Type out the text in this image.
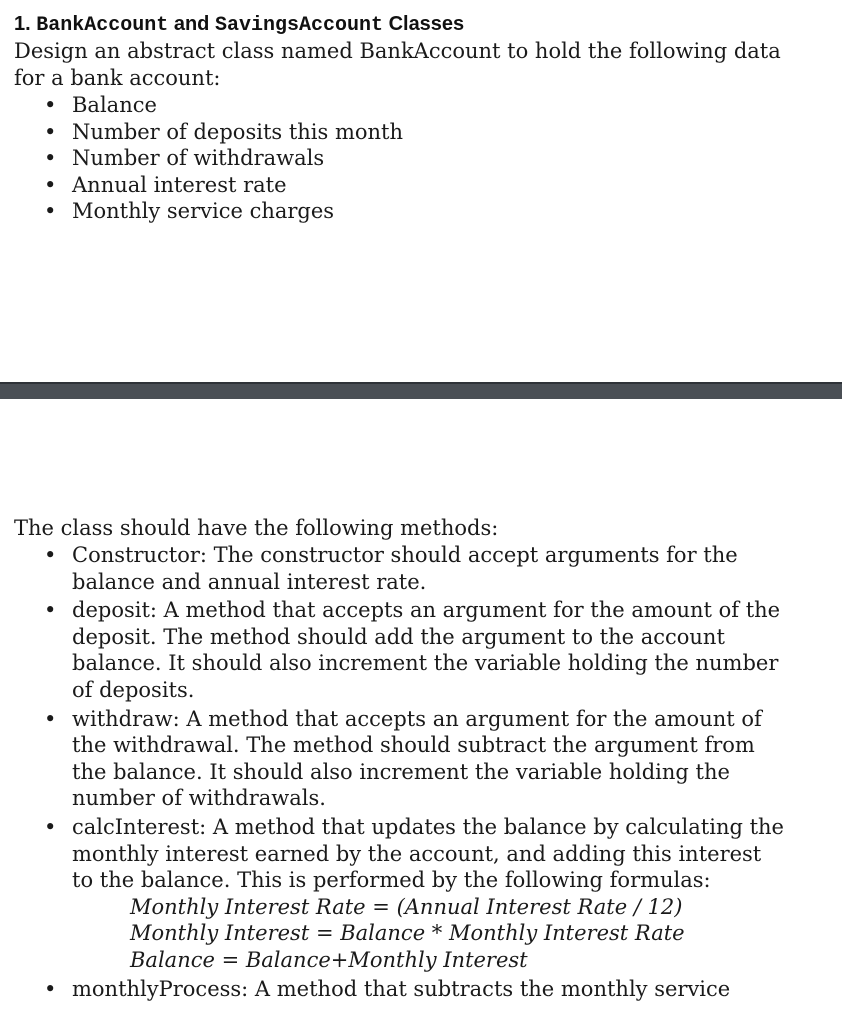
1. BankAccount and SavingsAccount Classes

Design an abstract class named BankAccount to hold the following data for a bank account:

• Balance
• Number of deposits this month
• Number of withdrawals
• Annual interest rate
• Monthly service charges

The class should have the following methods:

• Constructor: The constructor should accept arguments for the balance and annual interest rate.
• deposit: A method that accepts an argument for the amount of the deposit. The method should add the argument to the account balance. It should also increment the variable holding the number of deposits.
• withdraw: A method that accepts an argument for the amount of the withdrawal. The method should subtract the argument from the balance. It should also increment the variable holding the number of withdrawals.
• calcInterest: A method that updates the balance by calculating the monthly interest earned by the account, and adding this interest to the balance. This is performed by the following formulas:
Monthly Interest Rate = (Annual Interest Rate / 12)
Monthly Interest = Balance * Monthly Interest Rate
Balance = Balance+Monthly Interest
• monthlyProcess: A method that subtracts the monthly service
